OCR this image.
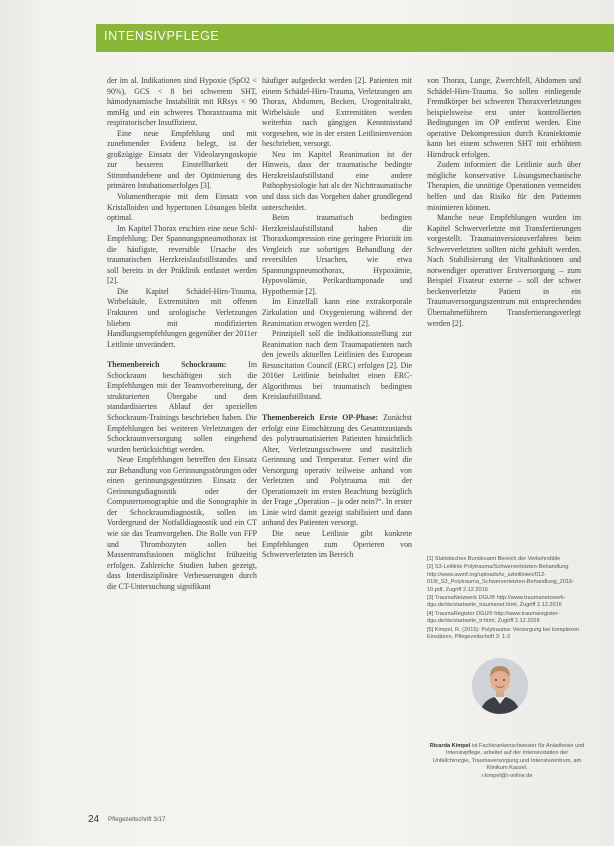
INTENSIVPFLEGE

der im al. Indikationen sind Hypoxie (SpO2 < 90%), GCS < 8 bei schwerem SHT, hämodynamische Instabilität mit RRsys < 90 mmHg und ein schweres Thoraxtrauma mit respiratorischer Insuffizienz.

Eine neue Empfehlung und mit zunehmender Evidenz belegt, ist der großzügige Einsatz der Videolaryngoskopie zur besseren Einstellbarkeit der Stimmbandebene und der Optimierung des primären Intubationserfolges [3].

Volumentherapie mit dem Einsatz von Kristalloiden und hypertonen Lösungen bleibt optimal.

Im Kapitel Thorax erschien eine neue Schl-Empfehlung: Der Spannungspneumothorax ist die häufigste, reversible Ursache des traumatischen Herzkreislaufstillstandes und soll bereits in der Präklinik entlastet werden [2].

Die Kapitel Schädel-Hirn-Trauma, Wirbelsäule, Extremitäten mit offenen Frakturen und urologische Verletzungen blieben mit modifizierten Handlungsempfehlungen gegenüber der 2011er Leitlinie unverändert.

Themenbereich Schockraum: Im Schockraum beschäftigen sich die Empfehlungen mit der Teamvorbereitung, der strukturierten Übergabe und dem standardisierten Ablauf der speziellen Schockraum-Trainings beschrieben haben. Die Empfehlungen bei weiteren Verletzungen der Schockraumversorgung sollen eingehend wurden berücksichtigt werden.

Neue Empfehlungen betreffen den Einsatz zur Behandlung von Gerinnungsstörungen oder einen gerinnungsgestützten Einsatz der Gerinnungsdiagnostik oder der Computertomographie und die Sonographie in der Schockraumdiagnostik, sollen im Vordergrund der Notfalldiagnostik und ein CT wie sie das Teamvorgehen. Die Rolle von FFP und Thrombozyten sollen bei Massentransfusionen möglichst frühzeitig erfolgen. Zahlreiche Studien haben gezeigt, dass Interdisziplinäre Verbesserungen durch die CT-Untersuchung signifikant

häufiger aufgedeckt werden [2]. Patienten mit einem Schädel-Hirn-Trauma, Verletzungen am Thorax, Abdomen, Becken, Urogenitaltrakt, Wirbelsäule und Extremitäten werden weiterhin nach gängigen Kenntnisstand vorgesehen, wie in der ersten Leitlinienversion beschrieben, versorgt.

Neu im Kapitel Reanimation ist der Hinweis, dass der traumatische bedingte Herzkreislaufstillstand eine andere Pathophysiologie hat als der Nichttraumatische und dass sich das Vorgehen daher grundlegend unterscheidet.

Beim traumatisch bedingten Herzkreislaufstillstand haben die Thoraxkompression eine geringere Priorität im Vergleich zur sofortigen Behandlung der reversiblen Ursachen, wie etwa Spannungspneumothorax, Hypoxämie, Hypovolämie, Perikardtamponade und Hypothermie [2].

Im Einzelfall kann eine extrakorporale Zirkulation und Oxygenierung während der Reanimation erwogen werden [2].

Prinzipiell soll die Indikationsstellung zur Reanimation nach dem Traumapatienten nach den jeweils aktuellen Leitlinien des European Resuscitation Council (ERC) erfolgen [2]. Die 2016er Leitlinie beinhaltet einen ERC-Algorithmus bei traumatisch bedingten Kreislaufstillstand.

Themenbereich Erste OP-Phase: Zunächst erfolgt eine Einschätzung des Gesamtzustands des polytraumatisierten Patienten hinsichtlich Alter, Verletzungsschwere und zusätzlich Gerinnung und Temperatur. Ferner wird die Versorgung operativ teilweise anhand von Verletzten und Polytrauma mit der Operationszeit im ersten Beachtung bezüglich der Frage „Operation – ja oder nein?“. In erster Linie wird damit gezeigt stabilisiert und dann anhand des Patienten versorgt.

Die neue Leitlinie gibt konkrete Empfehlungen zum Operieren von Schwerverletzten im Bereich

von Thorax, Lunge, Zwerchfell, Abdomen und Schädel-Hirn-Trauma. So sollen einliegende Fremdkörper bei schweren Thoraxverletzungen beispielsweise erst unter kontrollierten Bedingungen im OP entfernt werden. Eine operative Dekompression durch Kraniektomie kann bei einem schweren SHT mit erhöhtem Hirndruck erfolgen.

Zudem informiert die Leitlinie auch über mögliche konservative Lösungsmechanische Therapien, die unnötige Operationen vermeiden helfen und das Risiko für den Patienten minimieren können.

Manche neue Empfehlungen wurden im Kapitel Schwerverletzte mit Transfertierungen vorgestellt. Traumainversionsverfahren beim Schwerverletzten sollten nicht gehäuft werden. Nach Stabilisierung der Vitalfunktionen und notwendiger operativer Erstversorgung – zum Beispiel Fixateur externe – soll der schwer beckenverletzte Patient in ein Traumaversorgungszentrum mit entsprechenden Übernahmeführern Transfertierungsverlegt werden [2].

[1] Statistisches Bundesamt Bereich der Verkehrsfälle
[2] S3-Leitlinie Polytrauma/Schwerverletzten-Behandlung http://www.awmf.org/uploads/tx_szleitlinien/012-019l_S3_Polytrauma_Schwerverletzten-Behandlung_2016-10.pdf, Zugriff 2.12.2016
[3] TraumaNetzwerk DGU® http://www.traumanetzwerk-dgu.de/de/startseite_traumanet.html, Zugriff 2.12.2016
[4] TraumaRegister DGU® http://www.traumaregister-dgu.de/de/startseite_tr.html, Zugriff 2.12.2016
[5] Kimpel, R. (2015): Polytrauma: Versorgung bei komplexen Einsätzen, Pflegezeitschrift 3: 1-3
Ricarda Kimpel ist Fachkrankenschwester für Anästhesie und Intensivpflege, arbeitet auf der Intensivstation der Unfallchirurgie, Traumaversorgung und Intensivzentrum, am Klinikum Kassel.
r.kimpel@t-online.de
24 Pflegezeitschrift 3/17
